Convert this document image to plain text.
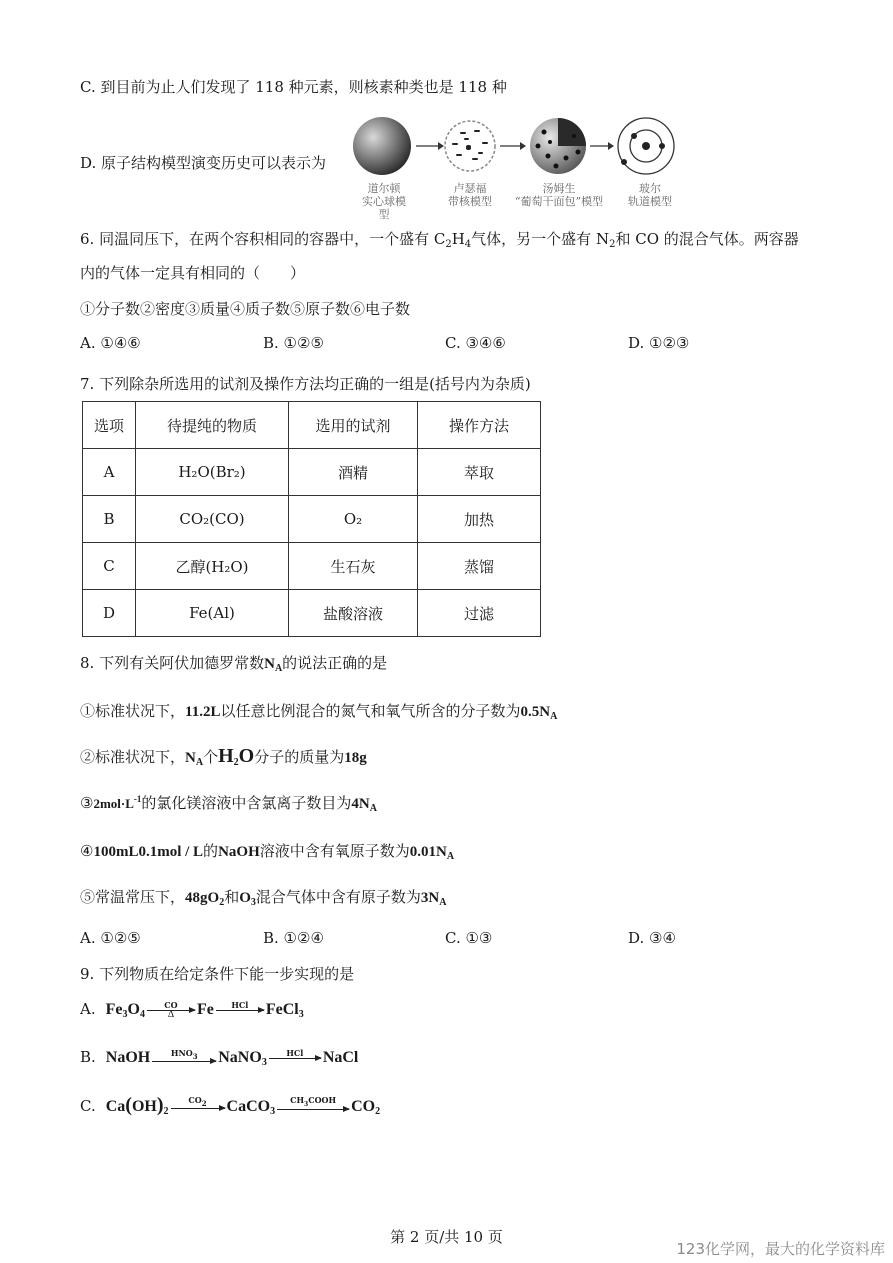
C. 到目前为止人们发现了 118 种元素，则核素种类也是 118 种
D. 原子结构模型演变历史可以表示为
道尔顿
实心球模型
卢瑟福
带核模型
汤姆生
“葡萄干面包”模型
玻尔
轨道模型
6. 同温同压下，在两个容积相同的容器中，一个盛有 $C_2H_4$气体，另一个盛有 $N_2$和 CO 的混合气体。两容器
内的气体一定具有相同的（　　）
①分子数②密度③质量④质子数⑤原子数⑥电子数
A. ①④⑥	B. ①②⑤	C. ③④⑥	D. ①②③
7. 下列除杂所选用的试剂及操作方法均正确的一组是(括号内为杂质)
选项	待提纯的物质	选用的试剂	操作方法
A	H₂O(Br₂)	酒精	萃取
B	CO₂(CO)	O₂	加热
C	乙醇(H₂O)	生石灰	蒸馏
D	Fe(Al)	盐酸溶液	过滤
8. 下列有关阿伏加德罗常数$N_A$的说法正确的是
①标准状况下，11.2L以任意比例混合的氮气和氧气所含的分子数为$0.5N_A$
②标准状况下，$N_A$个$H_2O$分子的质量为18g
$③2mol\cdot L^{-1}$的氯化镁溶液中含氯离子数目为$4N_A$
④100mL0.1mol / L的NaOH溶液中含有氧原子数为$0.01N_A$
⑤常温常压下，$48gO_2$和$O_3$混合气体中含有原子数为$3N_A$
A. ①②⑤	B. ①②④	C. ①③	D. ③④
9. 下列物质在给定条件下能一步实现的是
A. $Fe_3O_4 \frac{CO}{\Delta}$ Fe	HCl	FeCl$_3$
B. NaOH	$HNO_3$	NaNO$_3$
HCl	NaCl
C. $Ca(OH)_2$
$CO_2$	CaCO$_3$
$CH_3COOH$ $CO_2$
第 2 页/共 10 页
123化学网，最大的化学资料库
